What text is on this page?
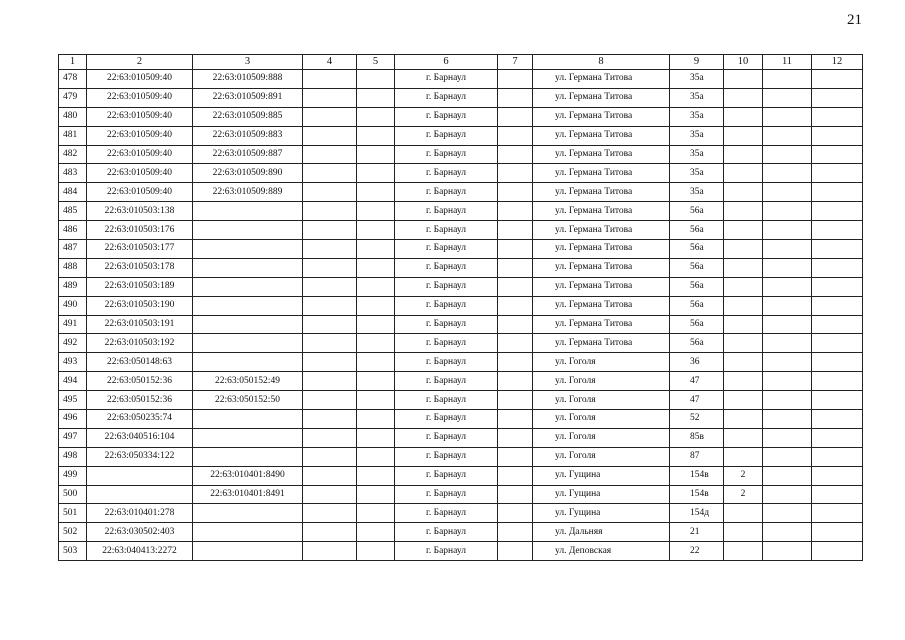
21
1	2	3	4	5	6	7	8	9	10	11	12
478	22:63:010509:40	22:63:010509:888			г. Барнаул		ул. Германа Титова	35а			
479	22:63:010509:40	22:63:010509:891			г. Барнаул		ул. Германа Титова	35а			
480	22:63:010509:40	22:63:010509:885			г. Барнаул		ул. Германа Титова	35а			
481	22:63:010509:40	22:63:010509:883			г. Барнаул		ул. Германа Титова	35а			
482	22:63:010509:40	22:63:010509:887			г. Барнаул		ул. Германа Титова	35а			
483	22:63:010509:40	22:63:010509:890			г. Барнаул		ул. Германа Титова	35а			
484	22:63:010509:40	22:63:010509:889			г. Барнаул		ул. Германа Титова	35а			
485	22:63:010503:138				г. Барнаул		ул. Германа Титова	56а			
486	22:63:010503:176				г. Барнаул		ул. Германа Титова	56а			
487	22:63:010503:177				г. Барнаул		ул. Германа Титова	56а			
488	22:63:010503:178				г. Барнаул		ул. Германа Титова	56а			
489	22:63:010503:189				г. Барнаул		ул. Германа Титова	56а			
490	22:63:010503:190				г. Барнаул		ул. Германа Титова	56а			
491	22:63:010503:191				г. Барнаул		ул. Германа Титова	56а			
492	22:63:010503:192				г. Барнаул		ул. Германа Титова	56а			
493	22:63:050148:63				г. Барнаул		ул. Гоголя	36			
494	22:63:050152:36	22:63:050152:49			г. Барнаул		ул. Гоголя	47			
495	22:63:050152:36	22:63:050152:50			г. Барнаул		ул. Гоголя	47			
496	22:63:050235:74				г. Барнаул		ул. Гоголя	52			
497	22:63:040516:104				г. Барнаул		ул. Гоголя	85в			
498	22:63:050334:122				г. Барнаул		ул. Гоголя	87			
499		22:63:010401:8490			г. Барнаул		ул. Гущина	154в	2		
500		22:63:010401:8491			г. Барнаул		ул. Гущина	154в	2		
501	22:63:010401:278				г. Барнаул		ул. Гущина	154д			
502	22:63:030502:403				г. Барнаул		ул. Дальняя	21			
503	22:63:040413:2272				г. Барнаул		ул. Деповская	22			
